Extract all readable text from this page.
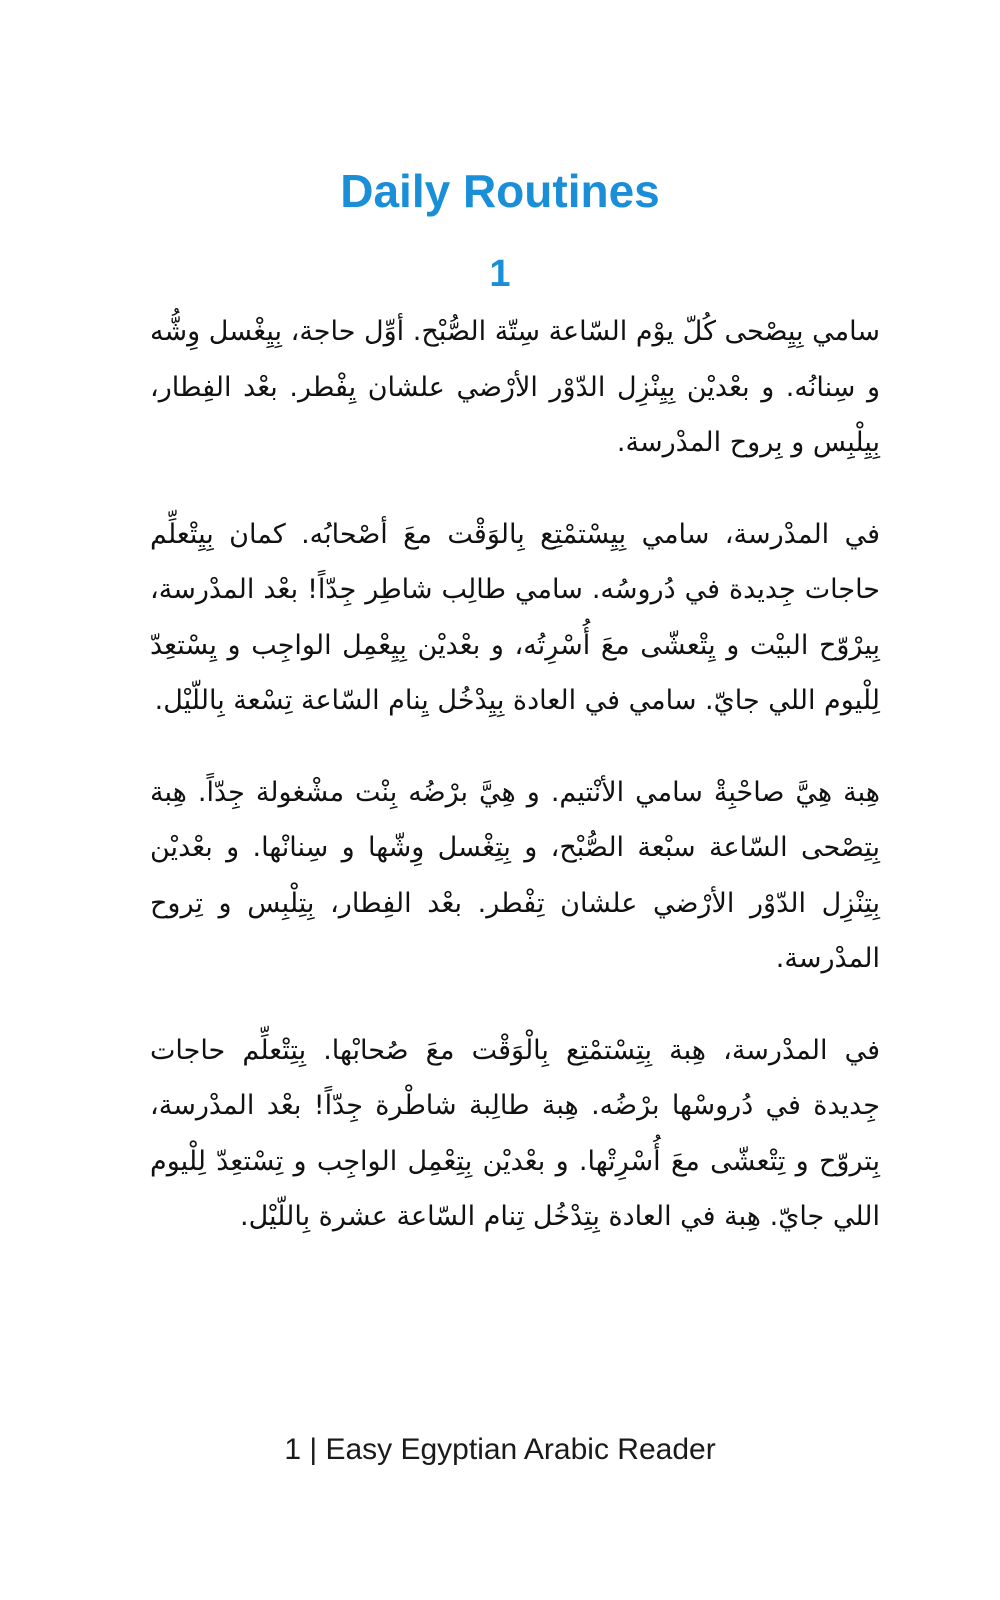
Daily Routines
1

سامي بِيِصْحى كُلّ يوْم السّاعة سِتّة الصُّبْح. أوِّل حاجة، بِيِغْسل وِشُّه و سِنانُه. و بعْديْن بِيِنْزِل الدّوْر الأرْضي علشان يِفْطر. بعْد الفِطار، بِيِلْبِس و بِروح المدْرسة.

في المدْرسة، سامي بِيِسْتمْتِع بِالوَقْت معَ أصْحابُه. كمان بِيِتْعلِّم حاجات جِديدة في دُروسُه. سامي طالِب شاطِر جِدّاً! بعْد المدْرسة، بِيرْوّح البيْت و يِتْعشّى معَ أُسْرِتُه، و بعْديْن بِيِعْمِل الواجِب و يِسْتعِدّ لِلْيوم اللي جايّ. سامي في العادة بِيِدْخُل يِنام السّاعة تِسْعة بِاللّيْل.

هِبة هِيَّ صاحْبِةْ سامي الأنْتيم. و هِيَّ برْضُه بِنْت مشْغولة جِدّاً. هِبة بِتِصْحى السّاعة سبْعة الصُّبْح، و بِتِغْسل وِشّها و سِنانْها. و بعْديْن بِتِنْزِل الدّوْر الأرْضي علشان تِفْطر. بعْد الفِطار، بِتِلْبِس و تِروح المدْرسة.

في المدْرسة، هِبة بِتِسْتمْتِع بِالْوَقْت معَ صُحابْها. بِتِتْعلِّم حاجات جِديدة في دُروسْها برْضُه. هِبة طالِبة شاطْرة جِدّاً! بعْد المدْرسة، بِتروّح و تِتْعشّى معَ أُسْرِتْها. و بعْديْن بِتِعْمِل الواجِب و تِسْتعِدّ لِلْيوم اللي جايّ. هِبة في العادة بِتِدْخُل تِنام السّاعة عشرة بِاللّيْل.

1 | Easy Egyptian Arabic Reader
